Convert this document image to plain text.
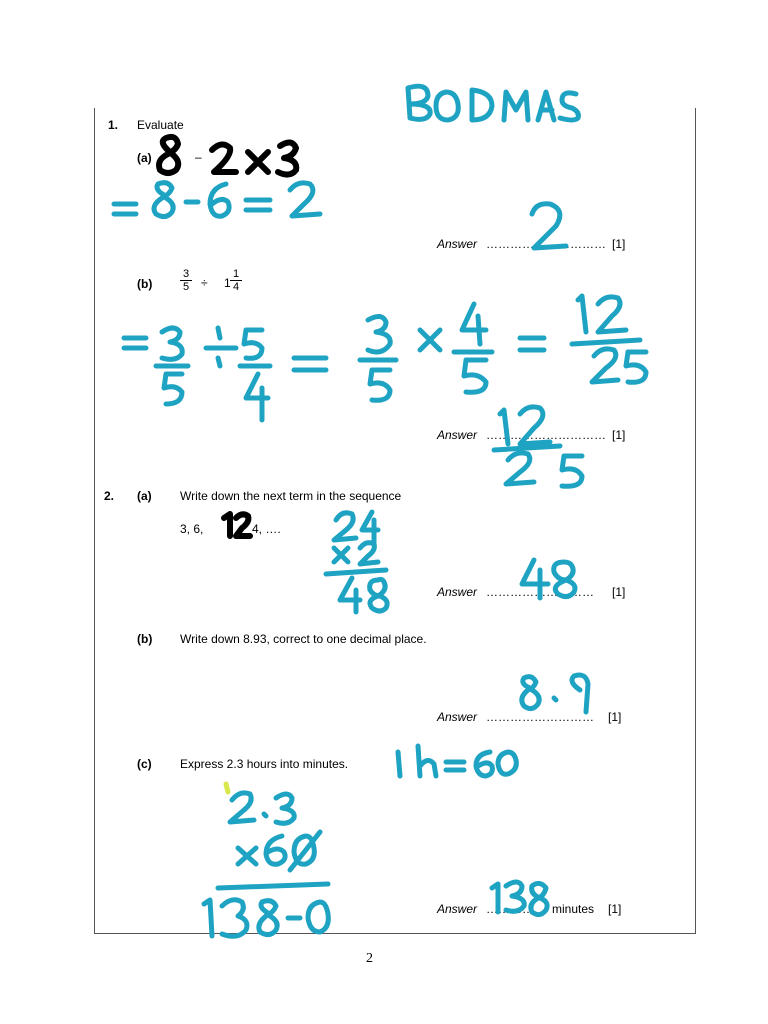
1. Evaluate
(a)	–
Answer ………………………… [1]
(b)	$\frac{3}{5} \div 1 \frac{1}{4}$
Answer ………………………… [1]
2. (a) Write down the next term in the sequence
3, 6,	4, ….
Answer ……………………… [1]
(b) Write down 8.93, correct to one decimal place.
Answer ……………………… [1]
(c) Express 2.3 hours into minutes.
Answer ………… minutes [1]
2
